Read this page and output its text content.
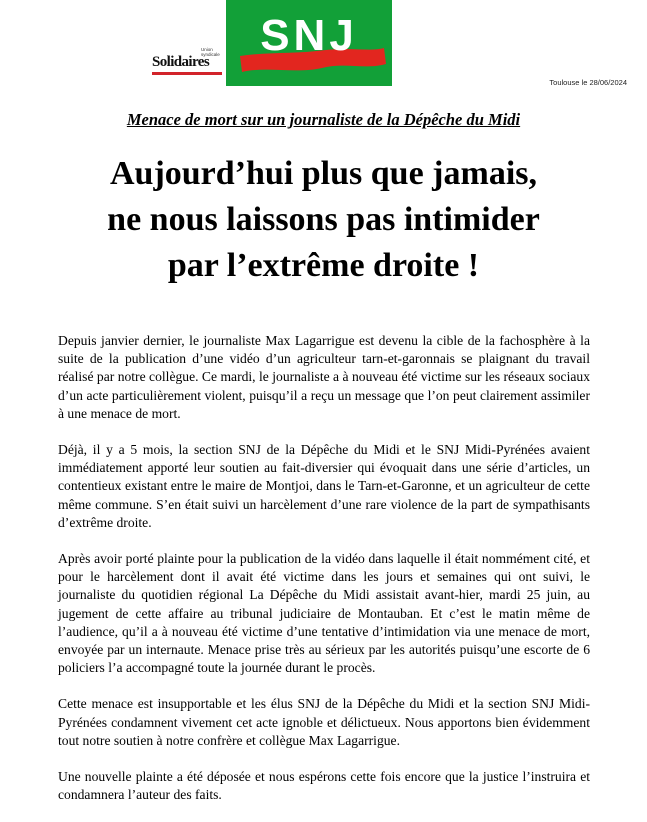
Union
syndicale
Solidaires
SNJ
Toulouse le 28/06/2024
Menace de mort sur un journaliste de la Dépêche du Midi
Aujourd’hui plus que jamais,
ne nous laissons pas intimider
par l’extrême droite !

Depuis janvier dernier, le journaliste Max Lagarrigue est devenu la cible de la fachosphère à la suite de la publication d’une vidéo d’un agriculteur tarn-et-garonnais se plaignant du travail réalisé par notre collègue. Ce mardi, le journaliste a à nouveau été victime sur les réseaux sociaux d’un acte particulièrement violent, puisqu’il a reçu un message que l’on peut clairement assimiler à une menace de mort.

Déjà, il y a 5 mois, la section SNJ de la Dépêche du Midi et le SNJ Midi-Pyrénées avaient immédiatement apporté leur soutien au fait-diversier qui évoquait dans une série d’articles, un contentieux existant entre le maire de Montjoi, dans le Tarn-et-Garonne, et un agriculteur de cette même commune. S’en était suivi un harcèlement d’une rare violence de la part de sympathisants d’extrême droite.

Après avoir porté plainte pour la publication de la vidéo dans laquelle il était nommément cité, et pour le harcèlement dont il avait été victime dans les jours et semaines qui ont suivi, le journaliste du quotidien régional La Dépêche du Midi assistait avant-hier, mardi 25 juin, au jugement de cette affaire au tribunal judiciaire de Montauban. Et c’est le matin même de l’audience, qu’il a à nouveau été victime d’une tentative d’intimidation via une menace de mort, envoyée par un internaute. Menace prise très au sérieux par les autorités puisqu’une escorte de 6 policiers l’a accompagné toute la journée durant le procès.

Cette menace est insupportable et les élus SNJ de la Dépêche du Midi et la section SNJ Midi-Pyrénées condamnent vivement cet acte ignoble et délictueux. Nous apportons bien évidemment tout notre soutien à notre confrère et collègue Max Lagarrigue.

Une nouvelle plainte a été déposée et nous espérons cette fois encore que la justice l’instruira et condamnera l’auteur des faits.
